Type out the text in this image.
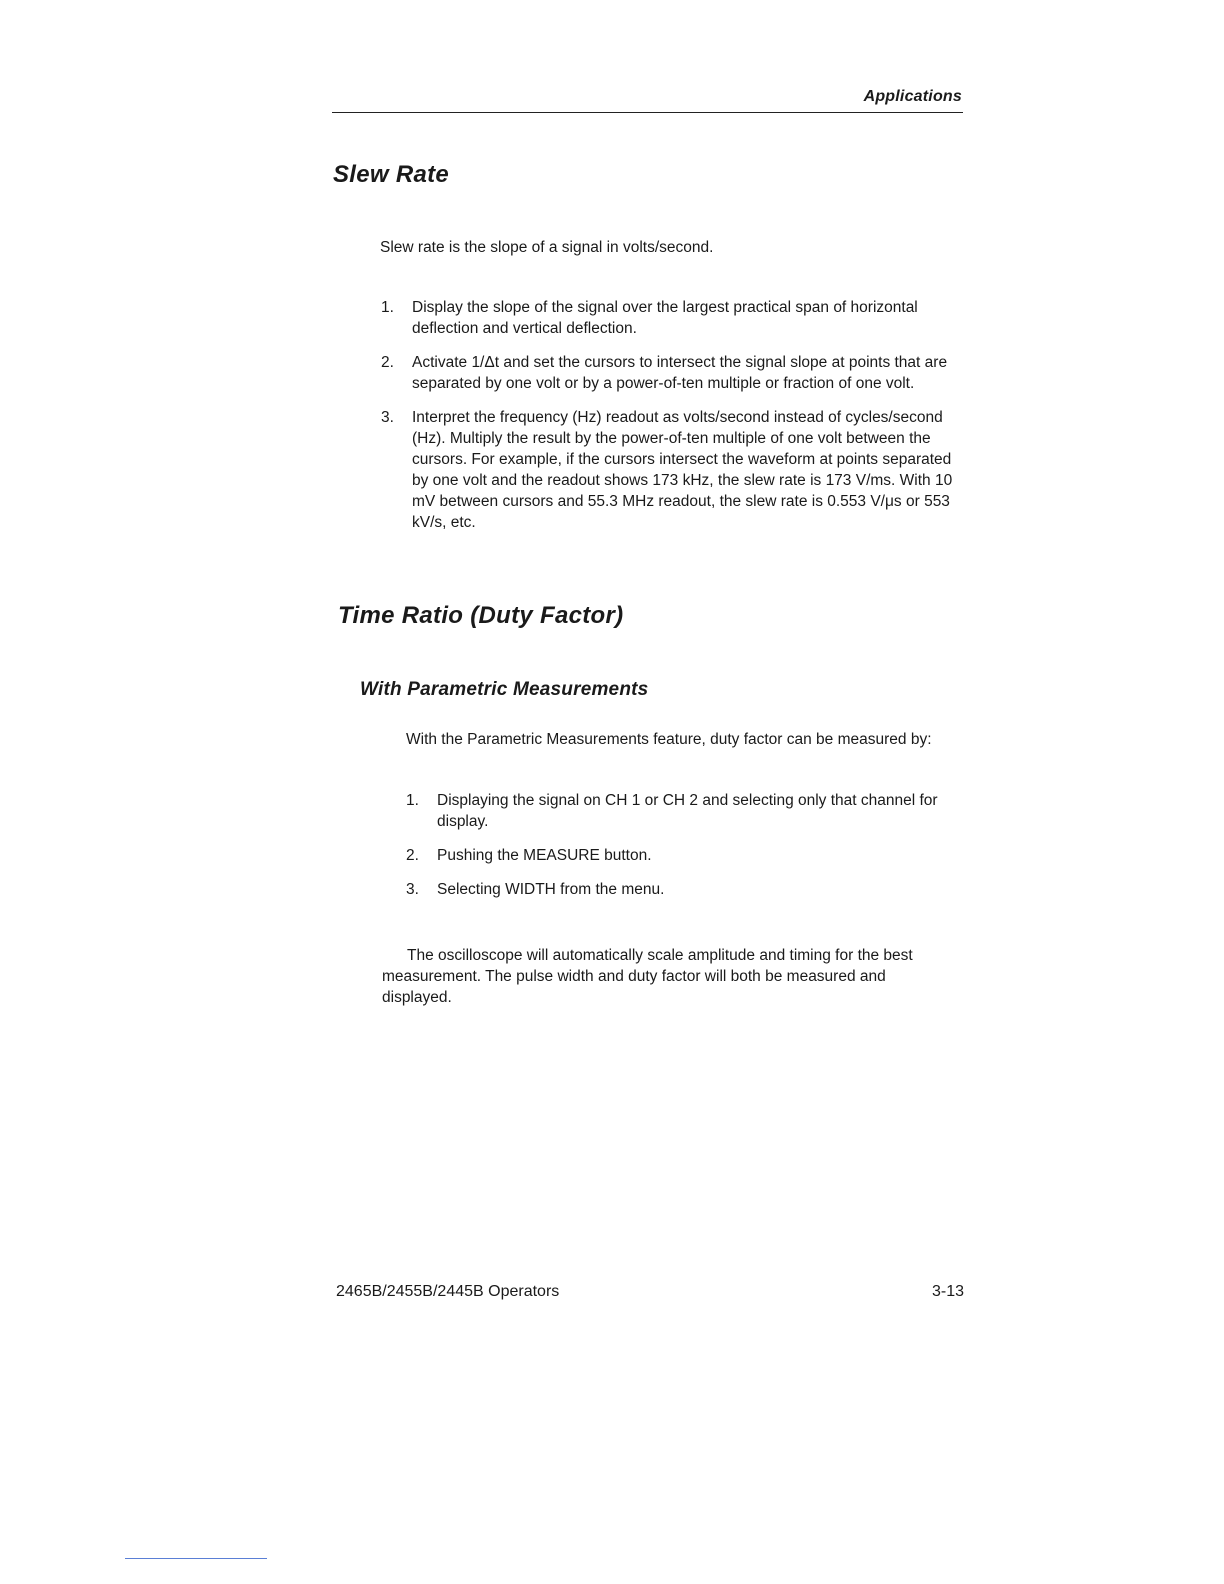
Applications
Slew Rate

Slew rate is the slope of a signal in volts/second.

1. Display the slope of the signal over the largest practical span of horizontal deflection and vertical deflection.
2. Activate 1/Δt and set the cursors to intersect the signal slope at points that are separated by one volt or by a power-of-ten multiple or fraction of one volt.
3. Interpret the frequency (Hz) readout as volts/second instead of cycles/second (Hz). Multiply the result by the power-of-ten multiple of one volt between the cursors. For example, if the cursors intersect the waveform at points separated by one volt and the readout shows 173 kHz, the slew rate is 173 V/ms. With 10 mV between cursors and 55.3 MHz readout, the slew rate is 0.553 V/μs or 553 kV/s, etc.
Time Ratio (Duty Factor)
With Parametric Measurements

With the Parametric Measurements feature, duty factor can be measured by:

1. Displaying the signal on CH 1 or CH 2 and selecting only that channel for display.
2. Pushing the MEASURE button.
3. Selecting WIDTH from the menu.

The oscilloscope will automatically scale amplitude and timing for the best measurement. The pulse width and duty factor will both be measured and displayed.

2465B/2455B/2445B Operators	3-13
